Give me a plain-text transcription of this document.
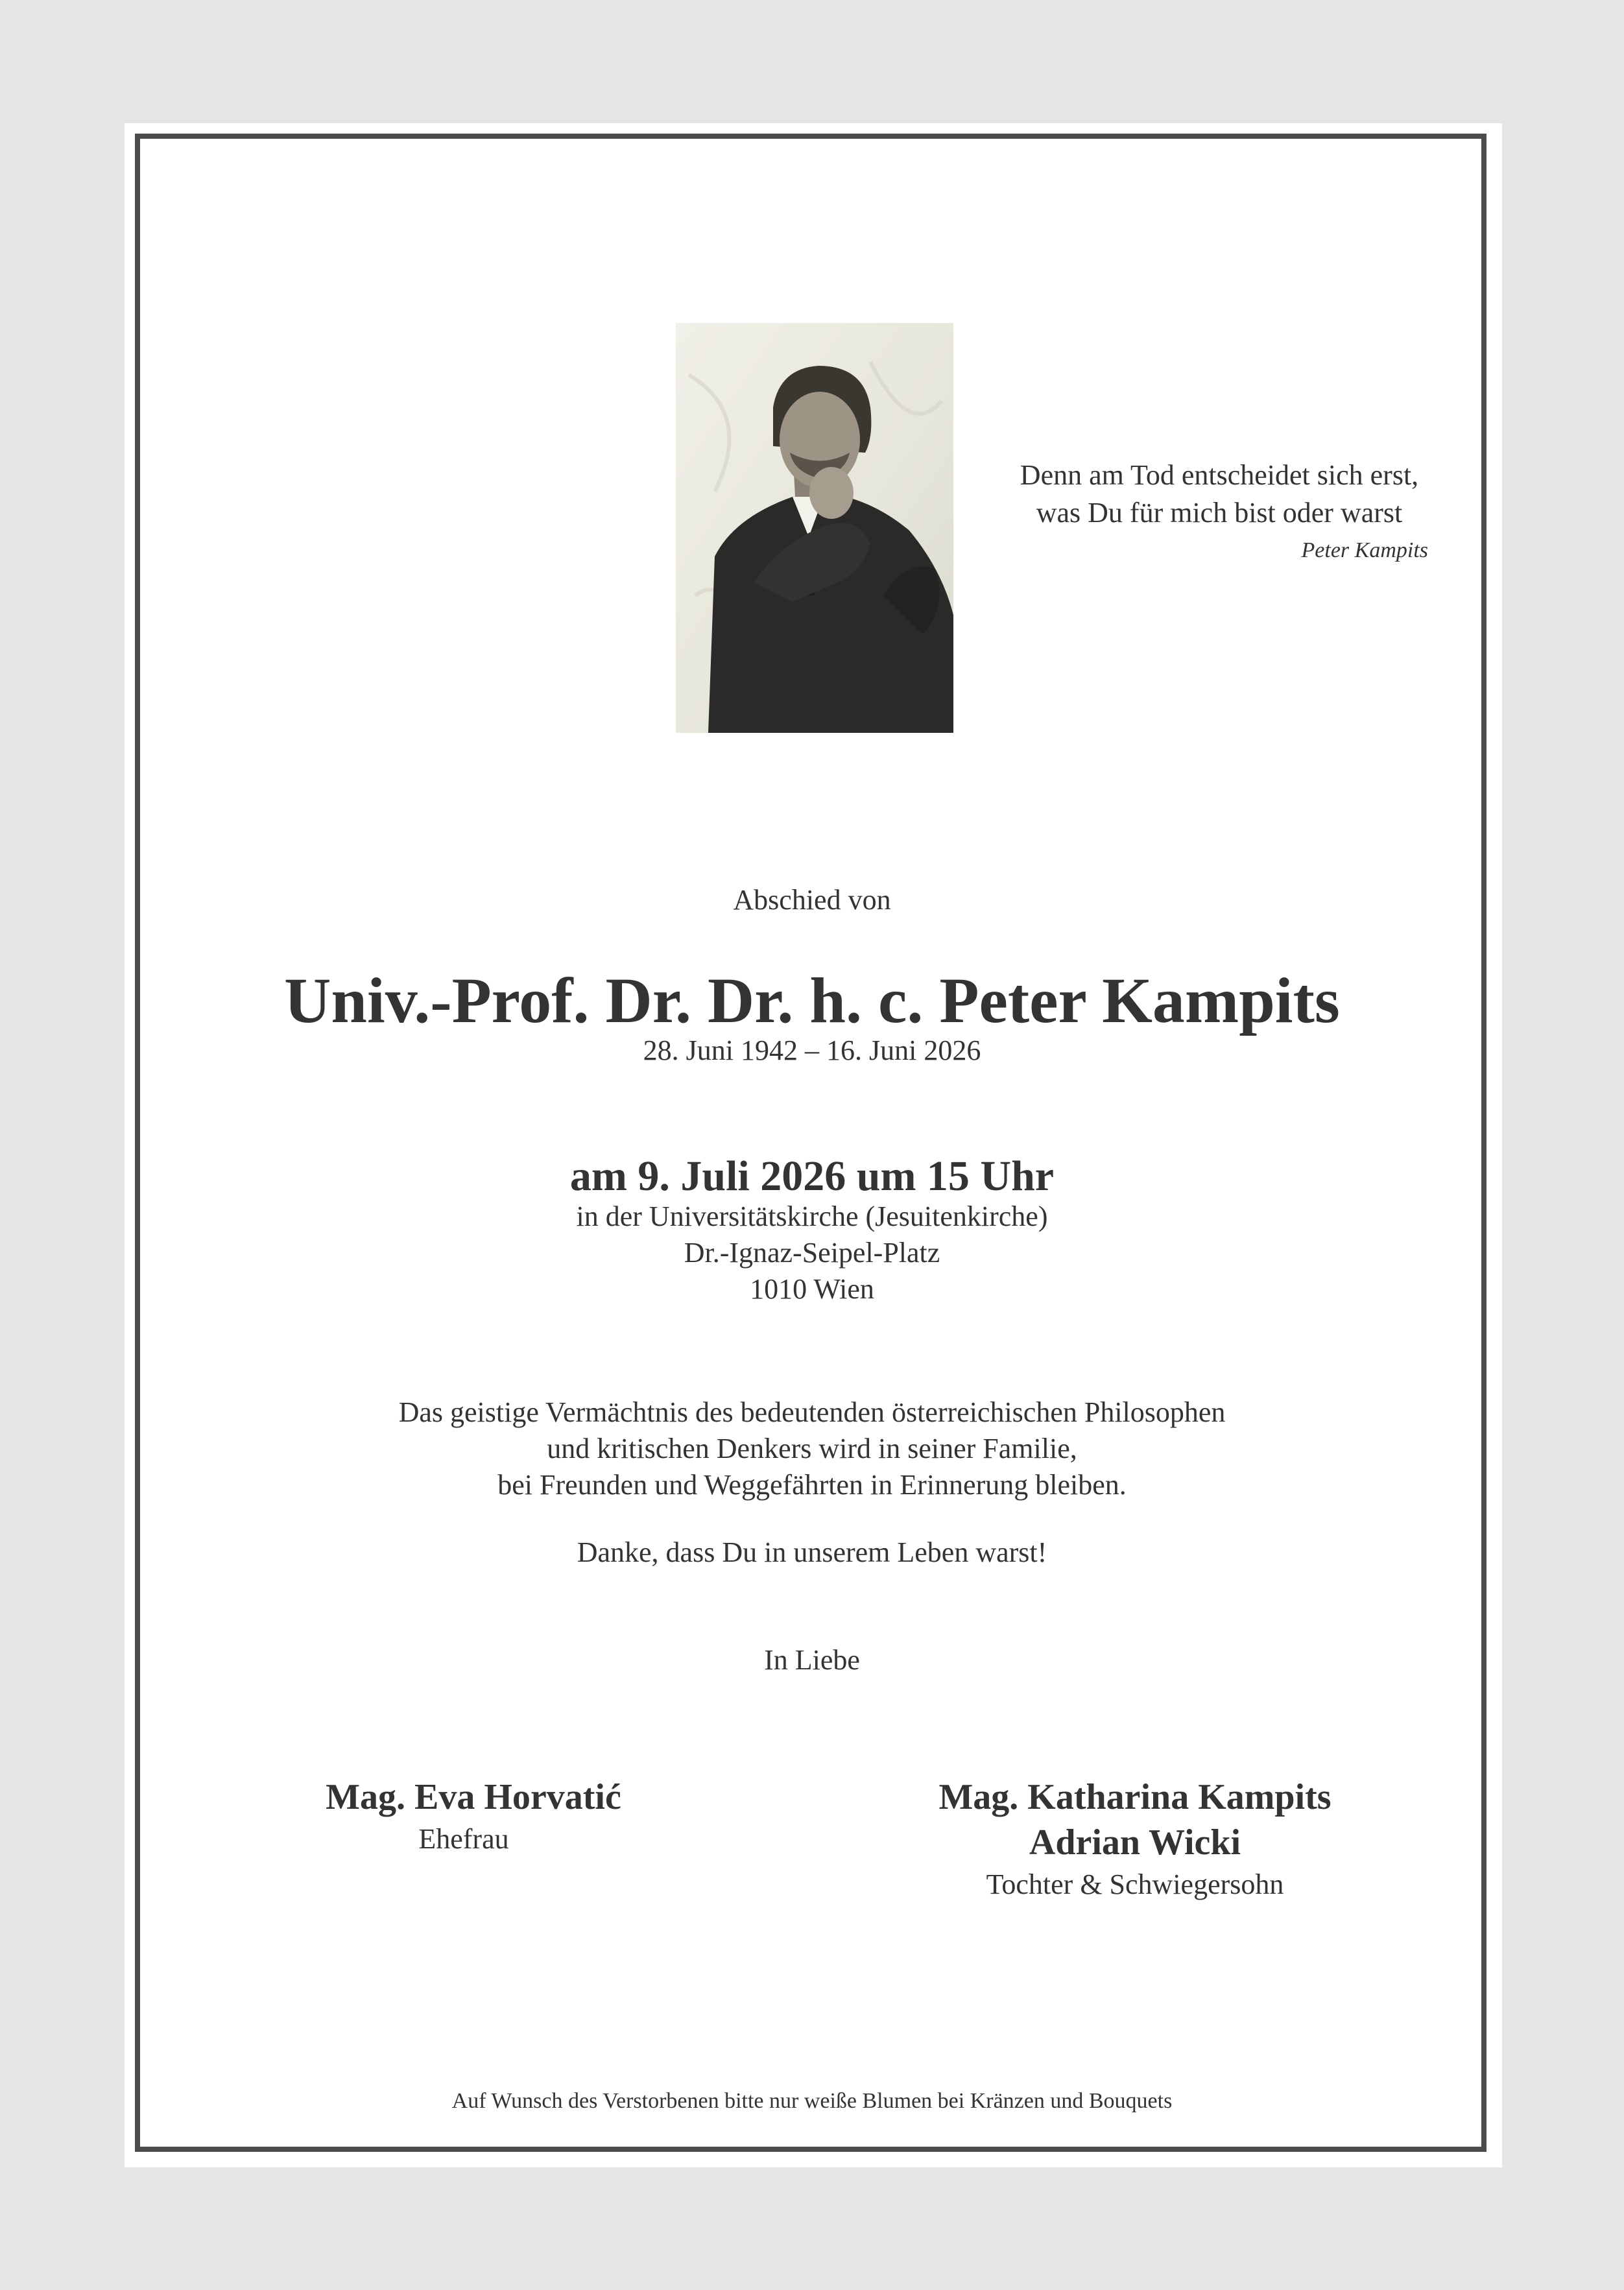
Denn am Tod entscheidet sich erst,
was Du für mich bist oder warst
Peter Kampits
Abschied von
Univ.-Prof. Dr. Dr. h. c. Peter Kampits
28. Juni 1942 – 16. Juni 2026
am 9. Juli 2026 um 15 Uhr
in der Universitätskirche (Jesuitenkirche)
Dr.-Ignaz-Seipel-Platz
1010 Wien
Das geistige Vermächtnis des bedeutenden österreichischen Philosophen
und kritischen Denkers wird in seiner Familie,
bei Freunden und Weggefährten in Erinnerung bleiben.
Danke, dass Du in unserem Leben warst!
In Liebe
Mag. Eva Horvatić
Ehefrau
Mag. Katharina Kampits
Adrian Wicki
Tochter & Schwiegersohn
Auf Wunsch des Verstorbenen bitte nur weiße Blumen bei Kränzen und Bouquets
